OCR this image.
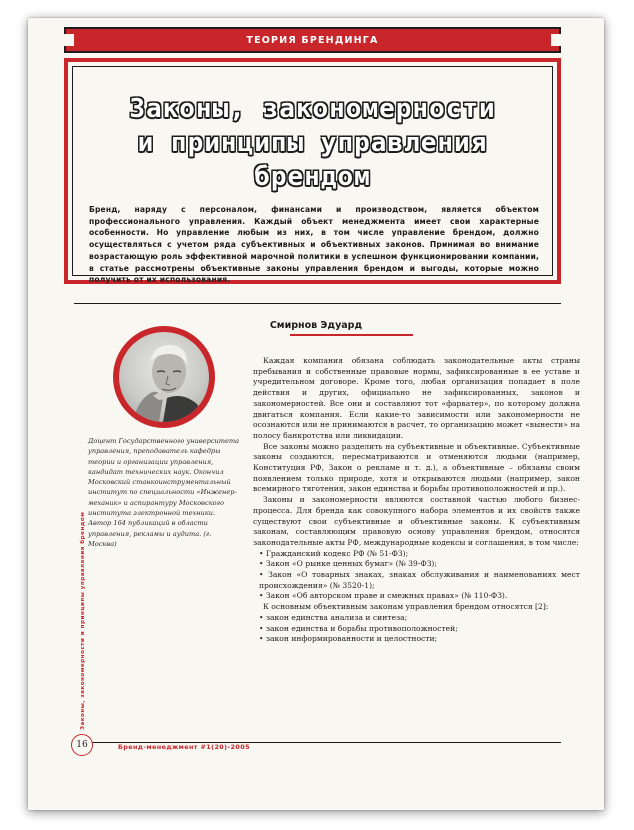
ТЕОРИЯ БРЕНДИНГА
Законы, закономерности
и принципы управления
брендом
Бренд, наряду с персоналом, финансами и производством, является объектом профессионального управления. Каждый объект менеджмента имеет свои характерные особенности. Но управление любым из них, в том числе управление брендом, должно осуществляться с учетом ряда субъективных и объективных законов. Принимая во внимание возрастающую роль эффективной марочной политики в успешном функционировании компании, в статье рассмотрены объективные законы управления брендом и выгоды, которые можно получить от их использования.
Смирнов Эдуард
Доцент Государственного университета управления, преподаватель кафедры теории и организации управления, кандидат технических наук. Окончил Московский станкоинструментальный институт по специальности «Инженер-механик» и аспирантуру Московского института электронной техники. Автор 164 публикаций в области управления, рекламы и аудита. (г. Москва)

Каждая компания обязана соблюдать законодательные акты страны пребывания и собственные правовые нормы, зафиксированные в ее уставе и учредительном договоре. Кроме того, любая организация попадает в поле действия и других, официально не зафиксированных, законов и закономерностей. Все они и составляют тот «фарватер», по которому должна двигаться компания. Если какие-то зависимости или закономерности не осознаются или не принимаются в расчет, то организацию может «вынести» на полосу банкротства или ликвидации.

Все законы можно разделить на субъективные и объективные. Субъективные законы создаются, пересматриваются и отменяются людьми (например, Конституция РФ, Закон о рекламе и т. д.), а объективные – обязаны своим появлением только природе, хотя и открываются людьми (например, закон всемирного тяготения, закон единства и борьбы противоположностей и пр.).

Законы и закономерности являются составной частью любого бизнес-процесса. Для бренда как совокупного набора элементов и их свойств также существуют свои субъективные и объективные законы. К субъективным законам, составляющим правовую основу управления брендом, относятся законодательные акты РФ, международные кодексы и соглашения, в том числе:

• Гражданский кодекс РФ (№ 51-ФЗ);
• Закон «О рынке ценных бумаг» (№ 39-ФЗ);
• Закон «О товарных знаках, знаках обслуживания и наименованиях мест происхождения» (№ 3520-1);
• Закон «Об авторском праве и смежных правах» (№ 110-ФЗ).

К основным объективным законам управления брендом относятся [2]:

• закон единства анализа и синтеза;
• закон единства и борьбы противоположностей;
• закон информированности и целостности;
Законы, закономерности и принципы управления брендом
16	Бренд-менеджмент #1(20)-2005
